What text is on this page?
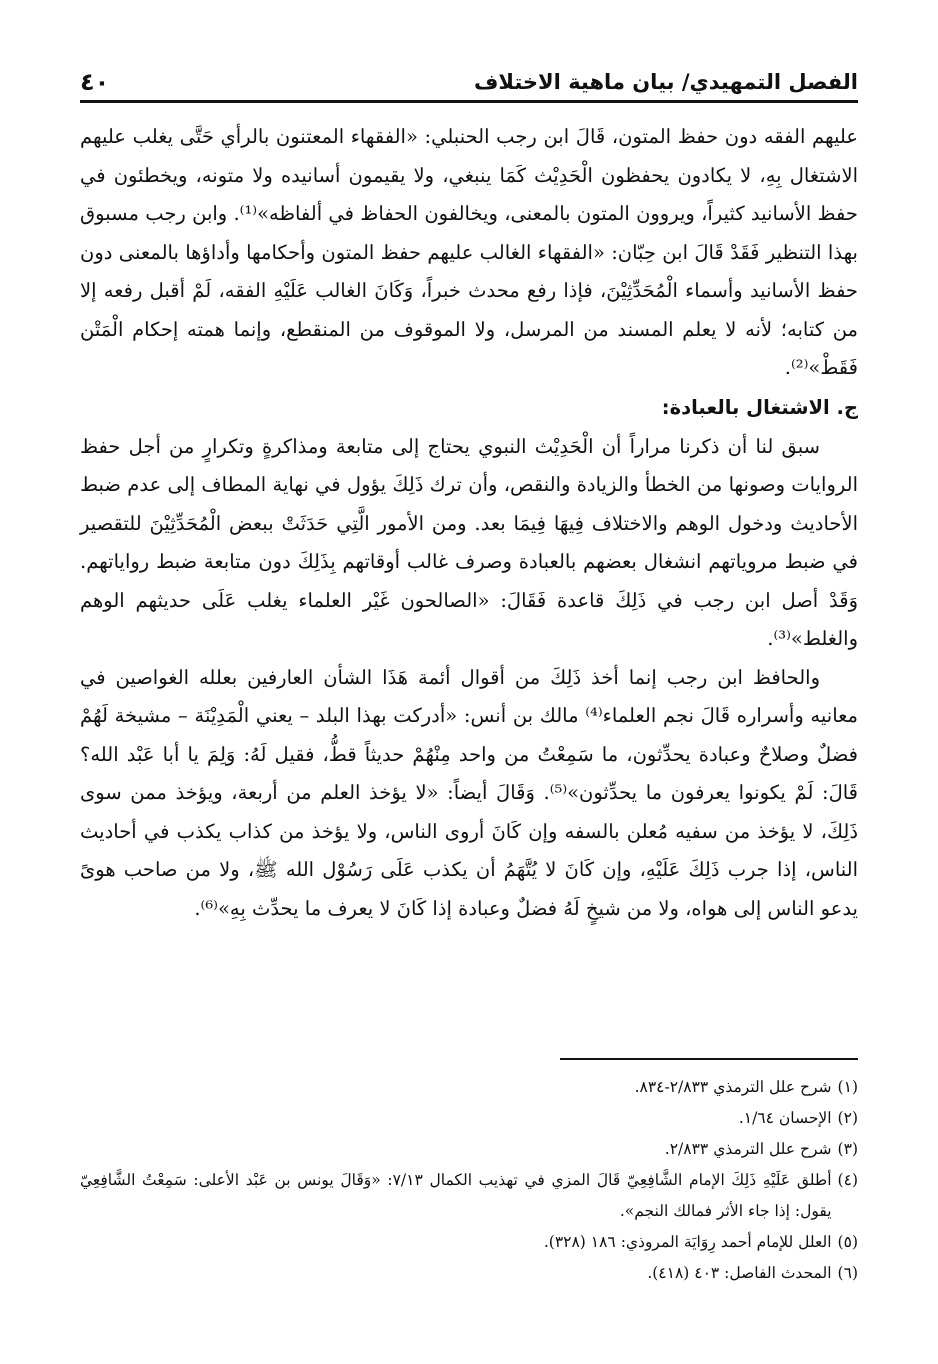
الفصل التمهيدي/ بيان ماهية الاختلاف
٤٠

عليهم الفقه دون حفظ المتون، قَالَ ابن رجب الحنبلي: «الفقهاء المعتنون بالرأي حَتَّى يغلب عليهم الاشتغال بِهِ، لا يكادون يحفظون الْحَدِيْث كَمَا ينبغي، ولا يقيمون أسانيده ولا متونه، ويخطئون في حفظ الأسانيد كثيراً، ويروون المتون بالمعنى، ويخالفون الحفاظ في ألفاظه»⁽¹⁾. وابن رجب مسبوق بهذا التنظير فَقَدْ قَالَ ابن حِبّان: «الفقهاء الغالب عليهم حفظ المتون وأحكامها وأداؤها بالمعنى دون حفظ الأسانيد وأسماء الْمُحَدِّثِيْنَ، فإذا رفع محدث خبراً، وَكَانَ الغالب عَلَيْهِ الفقه، لَمْ أقبل رفعه إلا من كتابه؛ لأنه لا يعلم المسند من المرسل، ولا الموقوف من المنقطع، وإنما همته إحكام الْمَتْن فَقَطْ»⁽²⁾.

ج. الاشتغال بالعبادة:

سبق لنا أن ذكرنا مراراً أن الْحَدِيْث النبوي يحتاج إلى متابعة ومذاكرةٍ وتكرارٍ من أجل حفظ الروايات وصونها من الخطأ والزيادة والنقص، وأن ترك ذَلِكَ يؤول في نهاية المطاف إلى عدم ضبط الأحاديث ودخول الوهم والاختلاف فِيهَا فِيمَا بعد. ومن الأمور الَّتِي حَدَثَتْ ببعض الْمُحَدِّثِيْنَ للتقصير في ضبط مروياتهم انشغال بعضهم بالعبادة وصرف غالب أوقاتهم بِذَلِكَ دون متابعة ضبط رواياتهم. وَقَدْ أصل ابن رجب في ذَلِكَ قاعدة فَقَالَ: «الصالحون غَيْر العلماء يغلب عَلَى حديثهم الوهم والغلط»⁽³⁾.

والحافظ ابن رجب إنما أخذ ذَلِكَ من أقوال أئمة هَذَا الشأن العارفين بعلله الغواصين في معانيه وأسراره قَالَ نجم العلماء⁽⁴⁾ مالك بن أنس: «أدركت بهذا البلد – يعني الْمَدِيْنَة – مشيخة لَهُمْ فضلٌ وصلاحٌ وعبادة يحدِّثون، ما سَمِعْتُ من واحد مِنْهُمْ حديثاً قطُّ، فقيل لَهُ: وَلِمَ يا أبا عَبْد الله؟ قَالَ: لَمْ يكونوا يعرفون ما يحدِّثون»⁽⁵⁾. وَقَالَ أيضاً: «لا يؤخذ العلم من أربعة، ويؤخذ ممن سوى ذَلِكَ، لا يؤخذ من سفيه مُعلن بالسفه وإن كَانَ أروى الناس، ولا يؤخذ من كذاب يكذب في أحاديث الناس، إذا جرب ذَلِكَ عَلَيْهِ، وإن كَانَ لا يُتَّهَمُ أن يكذب عَلَى رَسُوْل الله ﷺ، ولا من صاحب هوىً يدعو الناس إلى هواه، ولا من شيخٍ لَهُ فضلٌ وعبادة إذا كَانَ لا يعرف ما يحدِّث بِهِ»⁽⁶⁾.

(١)
شرح علل الترمذي ٢/٨٣٣-٨٣٤.
(٢)
الإحسان ١/٦٤.
(٣)
شرح علل الترمذي ٢/٨٣٣.
(٤)
أطلق عَلَيْهِ ذَلِكَ الإمام الشَّافِعِيّ قَالَ المزي في تهذيب الكمال ٧/١٣: «وَقَالَ يونس بن عَبْد الأعلى: سَمِعْتُ الشَّافِعِيّ يقول: إذا جاء الأثر فمالك النجم».
(٥)
العلل للإمام أحمد رِوَايَة المروذي: ١٨٦ (٣٢٨).
(٦)
المحدث الفاصل: ٤٠٣ (٤١٨).
